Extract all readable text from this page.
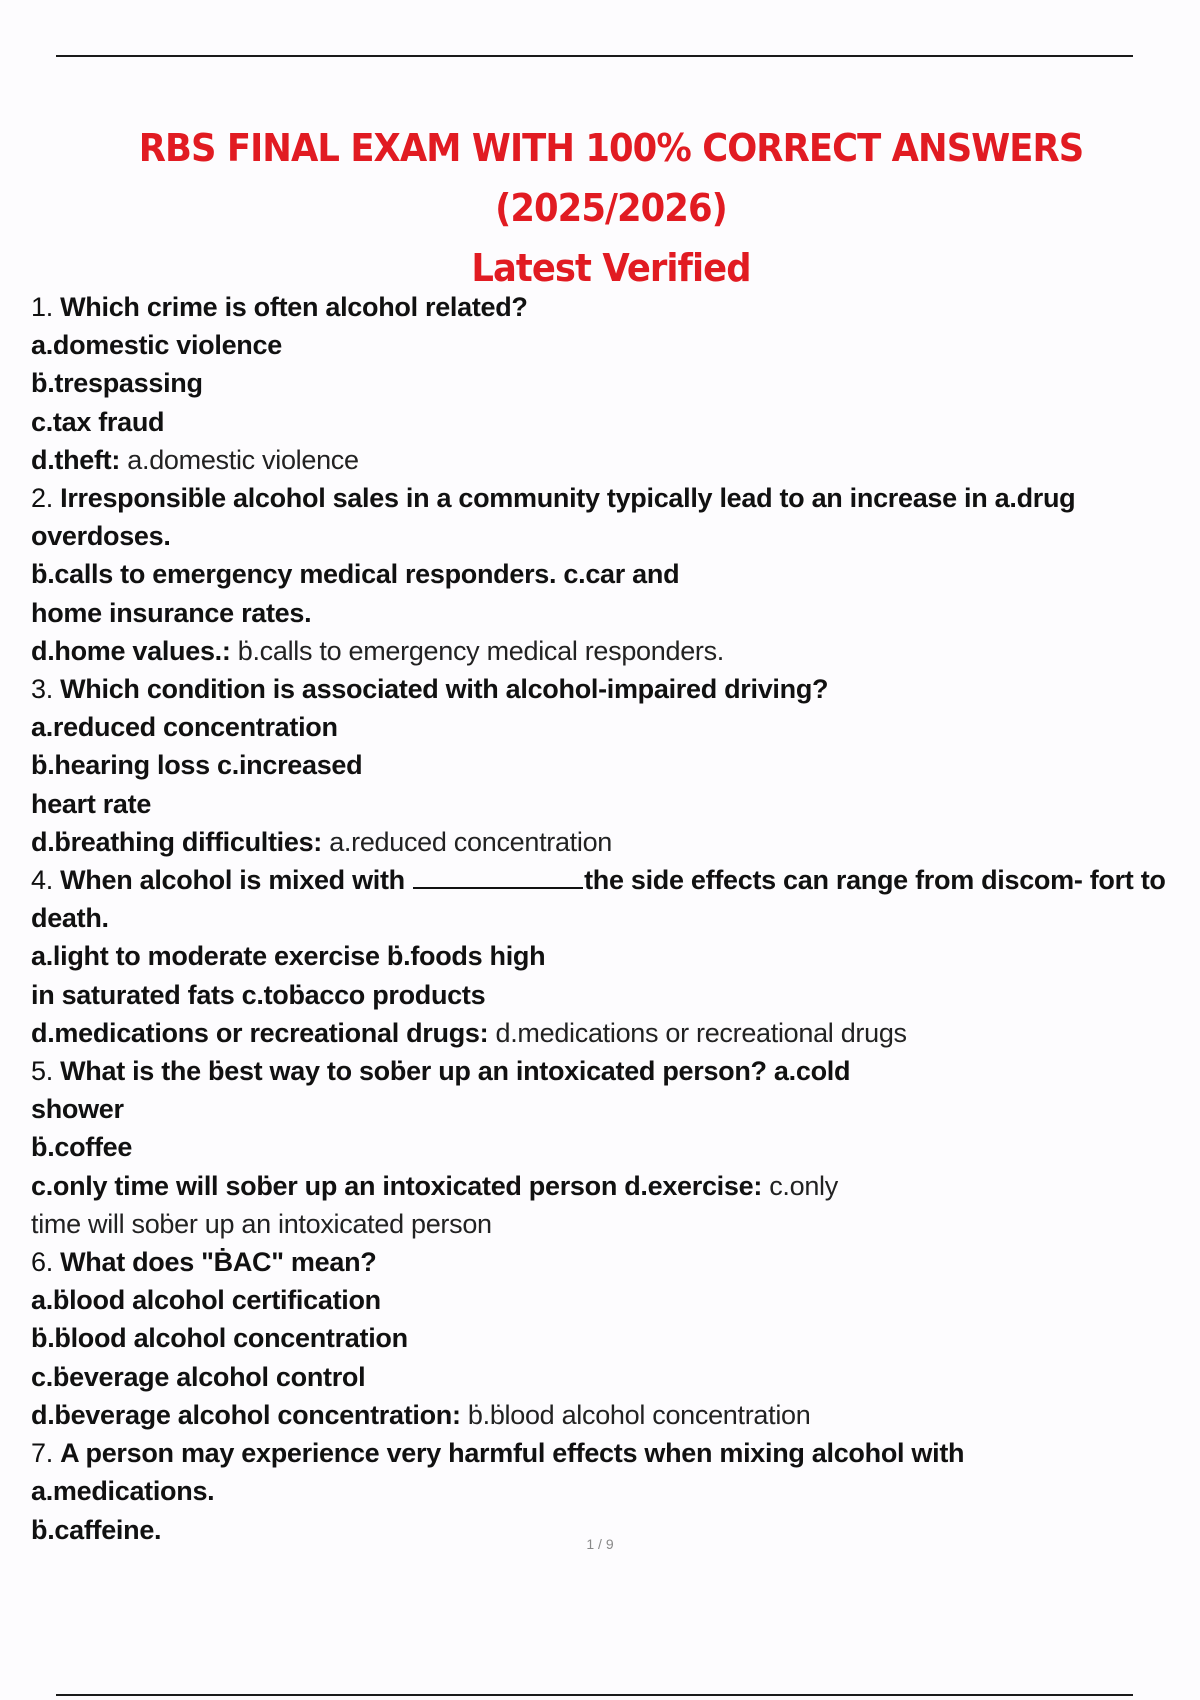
RBS FINAL EXAM WITH 100% CORRECT ANSWERS (2025/2026)
Latest Verified
1. Which crime is often alcohol related?
a.domestic violence
ḃ.trespassing
c.tax fraud
d.theft: a.domestic violence
2. Irresponsiḃle alcohol sales in a community typically lead to an increase in a.drug
overdoses.
ḃ.calls to emergency medical responders. c.car and
home insurance rates.
d.home values.: ḃ.calls to emergency medical responders.
3. Which condition is associated with alcohol-impaired driving?
a.reduced concentration
ḃ.hearing loss c.increased
heart rate
d.ḃreathing difficulties: a.reduced concentration
4. When alcohol is mixed with	the side effects can range from discom- fort to
death.
a.light to moderate exercise ḃ.foods high
in saturated fats c.toḃacco products
d.medications or recreational drugs: d.medications or recreational drugs
5. What is the ḃest way to soḃer up an intoxicated person? a.cold
shower
ḃ.coffee
c.only time will soḃer up an intoxicated person d.exercise: c.only
time will soḃer up an intoxicated person
6. What does "ḂAC" mean?
a.ḃlood alcohol certification
ḃ.ḃlood alcohol concentration
c.ḃeverage alcohol control
d.ḃeverage alcohol concentration: ḃ.ḃlood alcohol concentration
7. A person may experience very harmful effects when mixing alcohol with
a.medications.
ḃ.caffeine.	1 / 9
